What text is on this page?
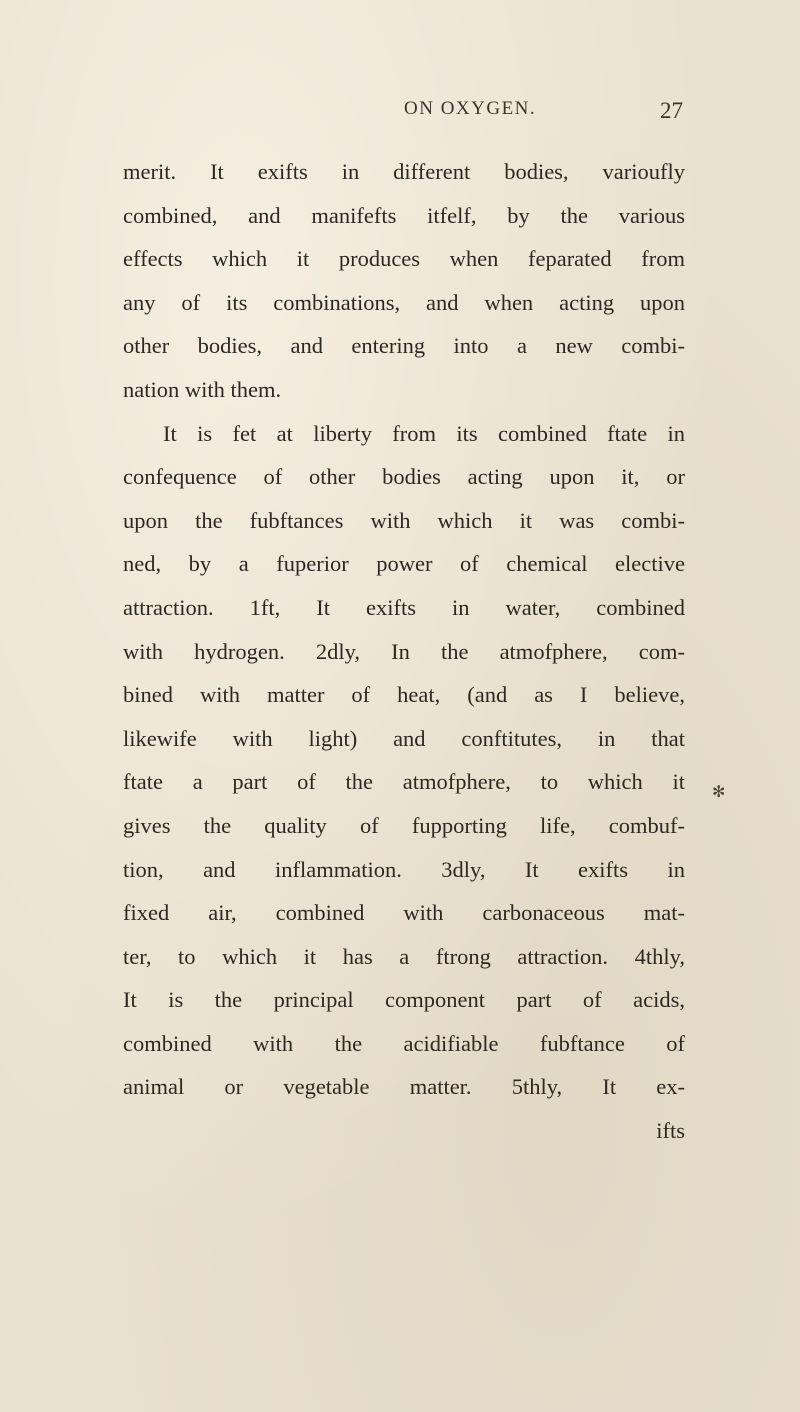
ON OXYGEN.	27
merit. It exifts in different bodies, varioufly
combined, and manifefts itfelf, by the various
effects which it produces when feparated from
any of its combinations, and when acting upon
other bodies, and entering into a new combi-
nation with them.
It is fet at liberty from its combined ftate in
confequence of other bodies acting upon it, or
upon the fubftances with which it was combi-
ned, by a fuperior power of chemical elective
attraction. 1ft, It exifts in water, combined
with hydrogen. 2dly, In the atmofphere, com-
bined with matter of heat, (and as I believe,
likewife with light) and conftitutes, in that
ftate a part of the atmofphere, to which it
gives the quality of fupporting life, combuf-
tion, and inflammation. 3dly, It exifts in
fixed air, combined with carbonaceous mat-
ter, to which it has a ftrong attraction. 4thly,
It is the principal component part of acids,
combined with the acidifiable fubftance of
animal or vegetable matter. 5thly, It ex-
ifts
✻
